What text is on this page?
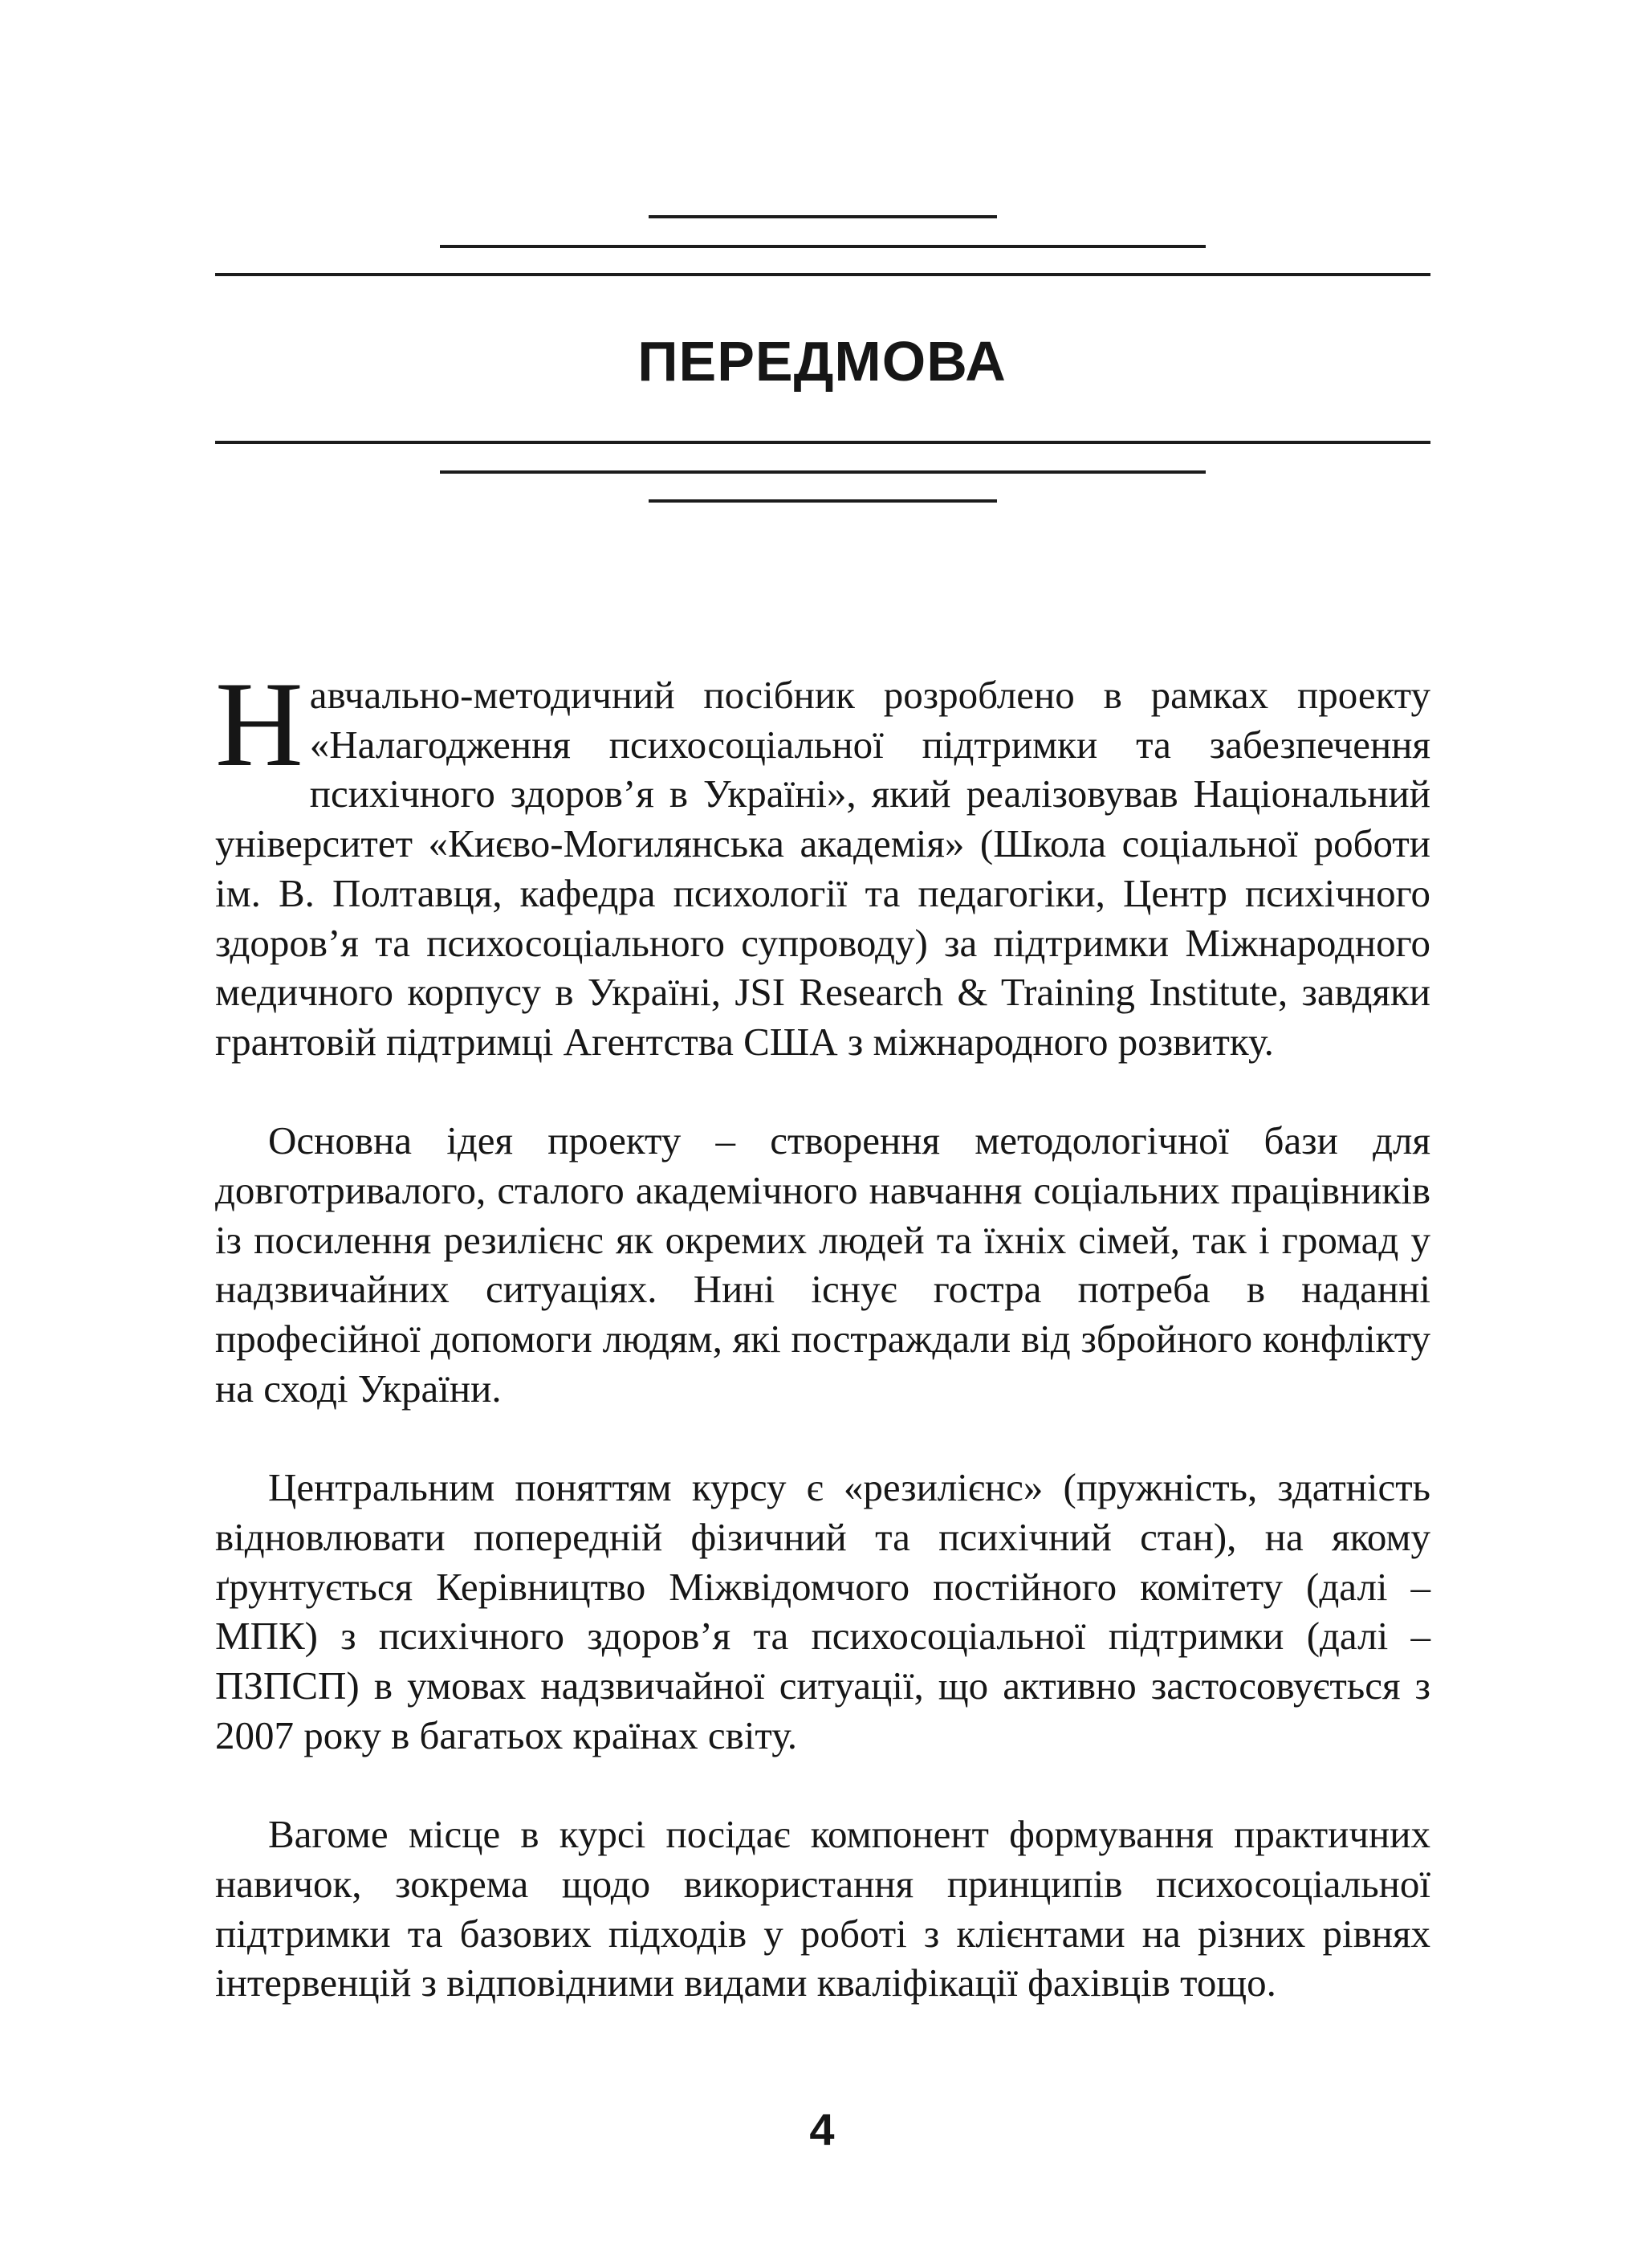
ПЕРЕДМОВА

Навчально-методичний посібник розроблено в рамках проекту «Налагодження психосоціальної підтримки та забезпечення психічного здоров’я в Україні», який реалізовував Національний університет «Києво-Могилянська академія» (Школа соціальної роботи ім. В. Полтавця, кафедра психології та педагогіки, Центр психічного здоров’я та психосоціального супроводу) за підтримки Міжнародного медичного корпусу в Україні, JSI Research & Training Institute, завдяки грантовій підтримці Агентства США з міжнародного розвитку.

Основна ідея проекту – створення методологічної бази для довготривалого, сталого академічного навчання соціальних працівників із посилення резилієнс як окремих людей та їхніх сімей, так і громад у надзвичайних ситуаціях. Нині існує гостра потреба в наданні професійної допомоги людям, які постраждали від збройного конфлікту на сході України.

Центральним поняттям курсу є «резилієнс» (пружність, здатність відновлювати попередній фізичний та психічний стан), на якому ґрунтується Керівництво Міжвідомчого постійного комітету (далі – МПК) з психічного здоров’я та психосоціальної підтримки (далі – ПЗПСП) в умовах надзвичайної ситуації, що активно застосовується з 2007 року в багатьох країнах світу.

Вагоме місце в курсі посідає компонент формування практичних навичок, зокрема щодо використання принципів психосоціальної підтримки та базових підходів у роботі з клієнтами на різних рівнях інтервенцій з відповідними видами кваліфікації фахівців тощо.

4
